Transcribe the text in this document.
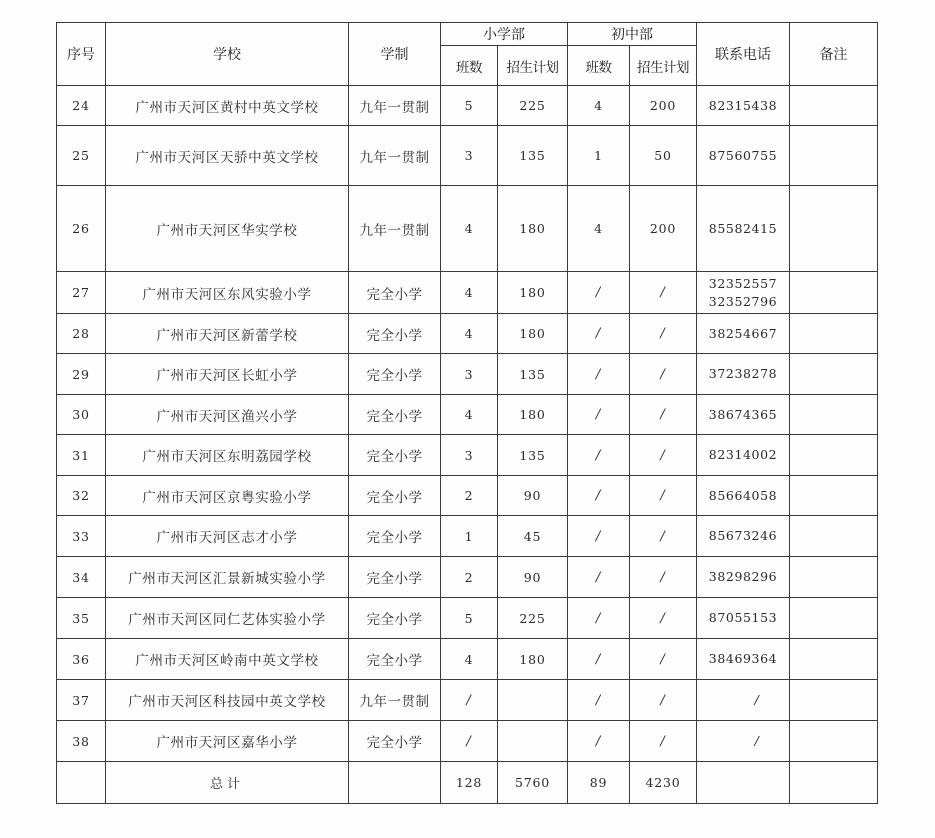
序号	学校	学制	小学部		初中部		联系电话	备注
			班数	招生计划	班数	招生计划		
24	广州市天河区黄村中英文学校	九年一贯制	5	225	4	200	82315438	

25	广州市天河区天骄中英文学校	九年一贯制	3	135	1	50	87560755	

26	广州市天河区华实学校	九年一贯制	4	180	4	200	85582415	

27	广州市天河区东风实验小学	完全小学	4	180	/	/	32352557
32352796	

28	广州市天河区新蕾学校	完全小学	4	180	/	/	38254667	

29	广州市天河区长虹小学	完全小学	3	135	/	/	37238278	

30	广州市天河区渔兴小学	完全小学	4	180	/	/	38674365	

31	广州市天河区东明荔园学校	完全小学	3	135	/	/	82314002	

32	广州市天河区京粤实验小学	完全小学	2	90	/	/	85664058	

33	广州市天河区志才小学	完全小学	1	45	/	/	85673246	

34	广州市天河区汇景新城实验小学	完全小学	2	90	/	/	38298296	

35	广州市天河区同仁艺体实验小学	完全小学	5	225	/	/	87055153	

36	广州市天河区岭南中英文学校	完全小学	4	180	/	/	38469364	

37	广州市天河区科技园中英文学校	九年一贯制	/		/	/	/	

38	广州市天河区嘉华小学	完全小学	/		/	/	/	

	总计		128	5760	89	4230		
